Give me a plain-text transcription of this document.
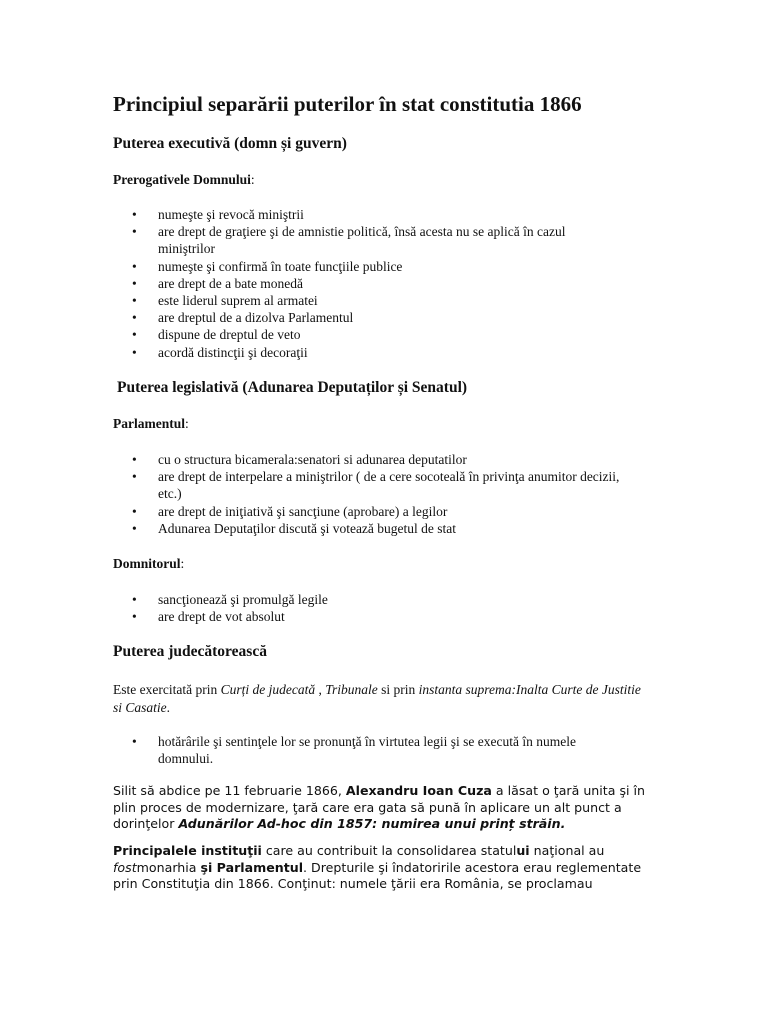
Principiul separării puterilor în stat constitutia 1866
Puterea executivă (domn și guvern)
Prerogativele Domnului:
• numeşte şi revocă miniştrii
• are drept de graţiere şi de amnistie politică, însă acesta nu se aplică în cazul miniştrilor
• numeşte şi confirmă în toate funcţiile publice
• are drept de a bate monedă
• este liderul suprem al armatei
• are dreptul de a dizolva Parlamentul
• dispune de dreptul de veto
• acordă distincţii şi decoraţii
Puterea legislativă (Adunarea Deputaților și Senatul)
Parlamentul:
• cu o structura bicamerala:senatori si adunarea deputatilor
• are drept de interpelare a miniştrilor ( de a cere socoteală în privinţa anumitor decizii, etc.)
• are drept de iniţiativă şi sancţiune (aprobare) a legilor
• Adunarea Deputaţilor discută şi votează bugetul de stat
Domnitorul:
• sancţionează şi promulgă legile
• are drept de vot absolut
Puterea judecătorească

Este exercitată prin Curți de judecată , Tribunale si prin instanta suprema:Inalta Curte de Justitie si Casatie.

• hotărârile şi sentinţele lor se pronunţă în virtutea legii şi se execută în numele domnului.

Silit să abdice pe 11 februarie 1866, Alexandru Ioan Cuza a lăsat o ţară unita şi în plin proces de modernizare, ţară care era gata să pună în aplicare un alt punct a dorinţelor Adunărilor Ad-hoc din 1857: numirea unui prinț străin.

Principalele instituţii care au contribuit la consolidarea statului naţional au fostmonarhia şi Parlamentul. Drepturile şi îndatoririle acestora erau reglementate prin Constituţia din 1866. Conţinut: numele ţării era România, se proclamau
